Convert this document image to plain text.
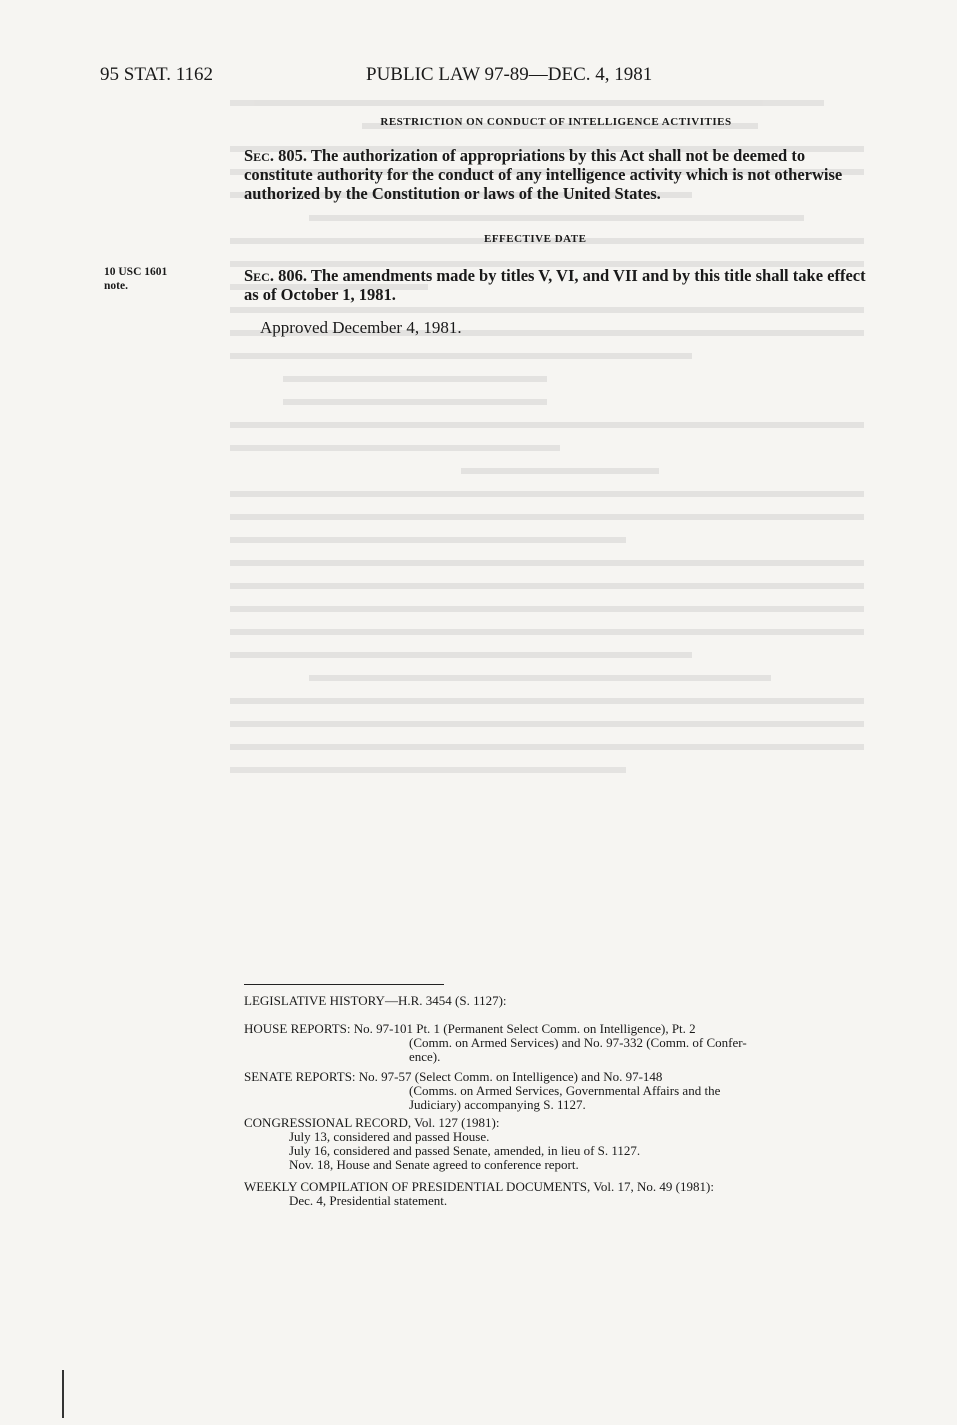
95 STAT. 1162	PUBLIC LAW 97-89—DEC. 4, 1981
RESTRICTION ON CONDUCT OF INTELLIGENCE ACTIVITIES
Sec. 805. The authorization of appropriations by this Act shall not be deemed to constitute authority for the conduct of any intelligence activity which is not otherwise authorized by the Constitution or laws of the United States.
EFFECTIVE DATE
10 USC 1601
note.
Sec. 806. The amendments made by titles V, VI, and VII and by this title shall take effect as of October 1, 1981.
Approved December 4, 1981.
LEGISLATIVE HISTORY—H.R. 3454 (S. 1127):
HOUSE REPORTS: No. 97-101 Pt. 1 (Permanent Select Comm. on Intelligence), Pt. 2
(Comm. on Armed Services) and No. 97-332 (Comm. of Confer-
ence).
SENATE REPORTS: No. 97-57 (Select Comm. on Intelligence) and No. 97-148
(Comms. on Armed Services, Governmental Affairs and the
Judiciary) accompanying S. 1127.
CONGRESSIONAL RECORD, Vol. 127 (1981):
July 13, considered and passed House.
July 16, considered and passed Senate, amended, in lieu of S. 1127.
Nov. 18, House and Senate agreed to conference report.
WEEKLY COMPILATION OF PRESIDENTIAL DOCUMENTS, Vol. 17, No. 49 (1981):
Dec. 4, Presidential statement.
